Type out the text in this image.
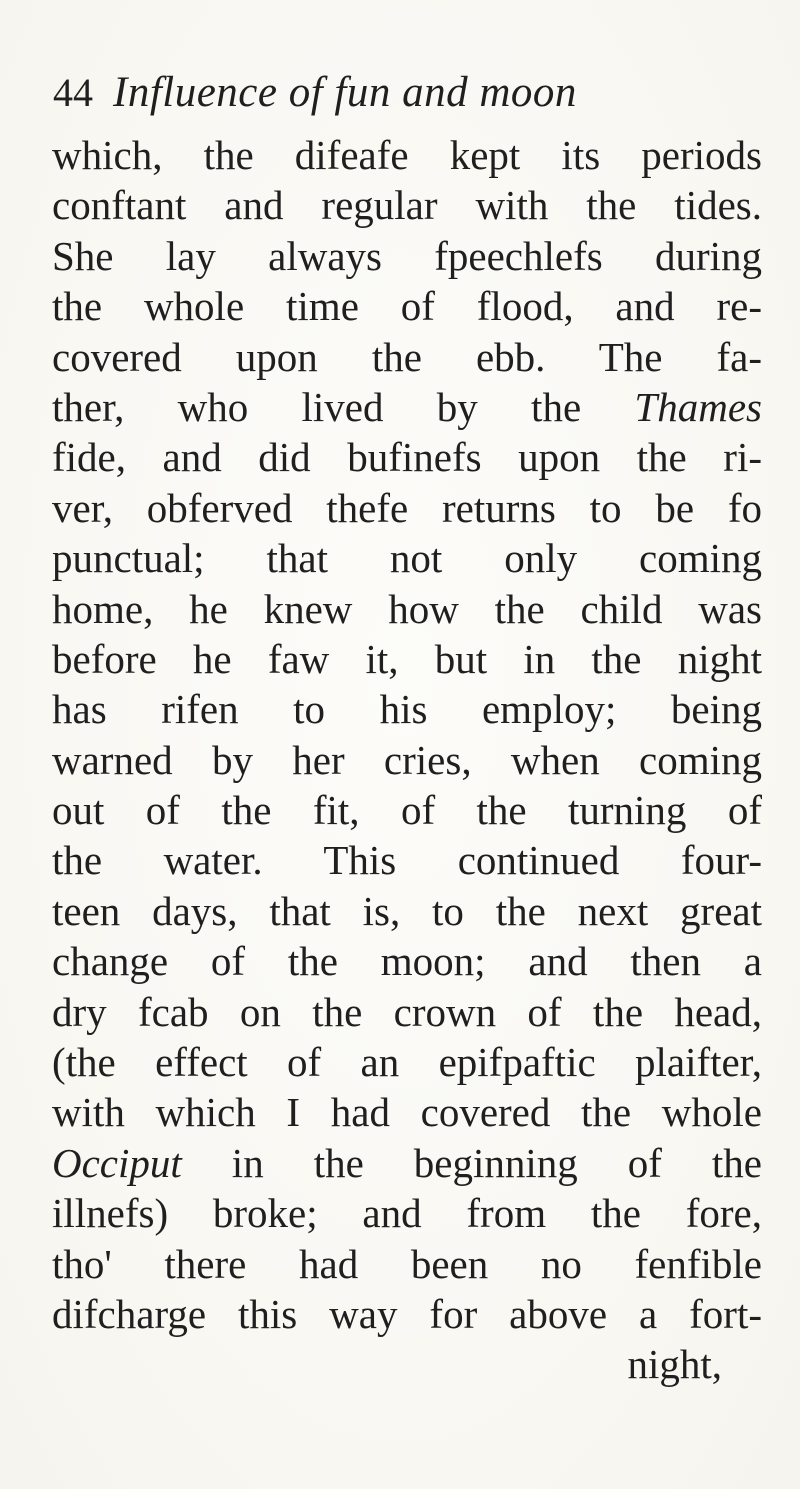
44 Influence of fun and moon
which, the difeafe kept its periods
conftant and regular with the tides.
She lay always fpeechlefs during
the whole time of flood, and re-
covered upon the ebb. The fa-
ther, who lived by the Thames
fide, and did bufinefs upon the ri-
ver, obferved thefe returns to be fo
punctual; that not only coming
home, he knew how the child was
before he faw it, but in the night
has rifen to his employ; being
warned by her cries, when coming
out of the fit, of the turning of
the water. This continued four-
teen days, that is, to the next great
change of the moon; and then a
dry fcab on the crown of the head,
(the effect of an epifpaftic plaifter,
with which I had covered the whole
Occiput in the beginning of the
illnefs) broke; and from the fore,
tho' there had been no fenfible
difcharge this way for above a fort-
night,
